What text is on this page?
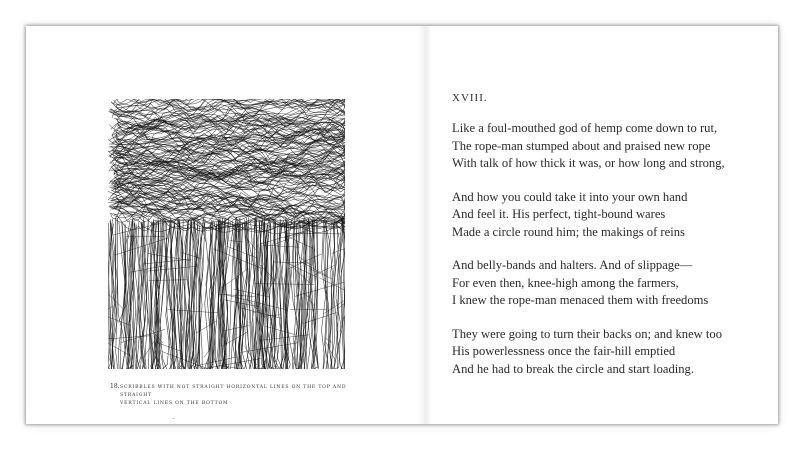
18. SCRIBBLES WITH NOT STRAIGHT HORIZONTAL LINES ON THE TOP AND STRAIGHT
VERTICAL LINES ON THE BOTTOM
XVIII.
Like a foul-mouthed god of hemp come down to rut,
The rope-man stumped about and praised new rope
With talk of how thick it was, or how long and strong,
And how you could take it into your own hand
And feel it. His perfect, tight-bound wares
Made a circle round him; the makings of reins
And belly-bands and halters. And of slippage—
For even then, knee-high among the farmers,
I knew the rope-man menaced them with freedoms
They were going to turn their backs on; and knew too
His powerlessness once the fair-hill emptied
And he had to break the circle and start loading.
